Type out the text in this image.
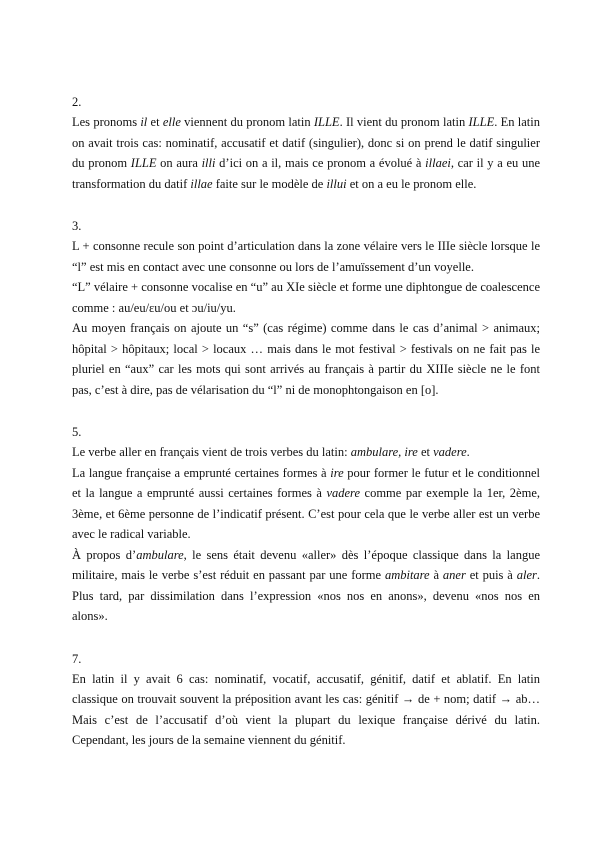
2.

Les pronoms il et elle viennent du pronom latin ILLE. Il vient du pronom latin ILLE. En latin on avait trois cas: nominatif, accusatif et datif (singulier), donc si on prend le datif singulier du pronom ILLE on aura illi d’ici on a il, mais ce pronom a évolué à illaei, car il y a eu une transformation du datif illae faite sur le modèle de illui et on a eu le pronom elle.

3.

L + consonne recule son point d’articulation dans la zone vélaire vers le IIIe siècle lorsque le “l” est mis en contact avec une consonne ou lors de l’amuïssement d’un voyelle.

“L” vélaire + consonne vocalise en “u” au XIe siècle et forme une diphtongue de coalescence comme : au/eu/ɛu/ou et ɔu/iu/yu.

Au moyen français on ajoute un “s” (cas régime) comme dans le cas d’animal > animaux; hôpital > hôpitaux; local > locaux … mais dans le mot festival > festivals on ne fait pas le pluriel en “aux” car les mots qui sont arrivés au français à partir du XIIIe siècle ne le font pas, c’est à dire, pas de vélarisation du “l” ni de monophtongaison en [o].

5.

Le verbe aller en français vient de trois verbes du latin: ambulare, ire et vadere.

La langue française a emprunté certaines formes à ire pour former le futur et le conditionnel et la langue a emprunté aussi certaines formes à vadere comme par exemple la 1er, 2ème, 3ème, et 6ème personne de l’indicatif présent. C’est pour cela que le verbe aller est un verbe avec le radical variable.

À propos d’ambulare, le sens était devenu «aller» dès l’époque classique dans la langue militaire, mais le verbe s’est réduit en passant par une forme ambitare à aner et puis à aler. Plus tard, par dissimilation dans l’expression «nos nos en anons», devenu «nos nos en alons».

7.

En latin il y avait 6 cas: nominatif, vocatif, accusatif, génitif, datif et ablatif. En latin classique on trouvait souvent la préposition avant les cas: génitif → de + nom; datif → ab… Mais c’est de l’accusatif d’où vient la plupart du lexique française dérivé du latin. Cependant, les jours de la semaine viennent du génitif.
